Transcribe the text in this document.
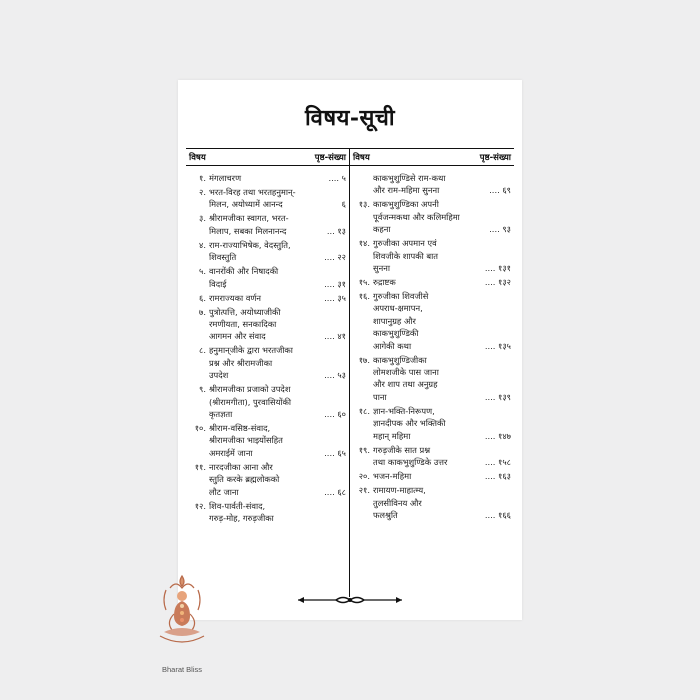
विषय-सूची
विषय	पृष्ठ-संख्या
१. मंगलाचरण	.... ५
२. भरत-विरह तथा भरतहनुमान्-
मिलन, अयोध्यामें आनन्द	६
३. श्रीरामजीका स्वागत, भरत-
मिलाप, सबका मिलनानन्द	... १३
४. राम-राज्याभिषेक, वेदस्तुति,
शिवस्तुति	.... २२
५. वानरोंकी और निषादकी
विदाई	.... ३१
६. रामराज्यका वर्णन	.... ३५
७. पुत्रोत्पत्ति, अयोध्याजीकी
रमणीयता, सनकादिका
आगमन और संवाद	.... ४१
८. हनुमान्‌जीके द्वारा भरतजीका
प्रश्न और श्रीरामजीका
उपदेश	.... ५३
९. श्रीरामजीका प्रजाको उपदेश
(श्रीरामगीता), पुरवासियोंकी
कृतज्ञता	.... ६०
१०. श्रीराम-वसिष्ठ-संवाद,
श्रीरामजीका भाइयोंसहित
अमराईमें जाना	.... ६५
११. नारदजीका आना और
स्तुति करके ब्रह्मलोकको
लौट जाना	.... ६८
१२. शिव-पार्वती-संवाद,
गरुड़-मोह, गरुड़जीका
विषय	पृष्ठ-संख्या
काकभुशुण्डिसे राम-कथा
और राम-महिमा सुनना	.... ६९
१३. काकभुशुण्डिका अपनी
पूर्वजन्मकथा और कलिमहिमा
कहना	.... ९३
१४. गुरुजीका अपमान एवं
शिवजीके शापकी बात
सुनना	.... १३१
१५. रुद्राष्टक	.... १३२
१६. गुरुजीका शिवजीसे
अपराध-क्षमापन,
शापानुग्रह और
काकभुशुण्डिकी
आगेकी कथा	.... १३५
१७. काकभुशुण्डिजीका
लोमशजीके पास जाना
और शाप तथा अनुग्रह
पाना	.... १३९
१८. ज्ञान-भक्ति-निरूपण,
ज्ञानदीपक और भक्तिकी
महान्‌ महिमा	.... १४७
१९. गरुड़जीके सात प्रश्न
तथा काकभुशुण्डिके उत्तर	.... १५८
२०. भजन-महिमा	.... १६३
२१. रामायण-माहात्म्य,
तुलसीविनय और
फलश्रुति	.... १६६
Bharat Bliss
